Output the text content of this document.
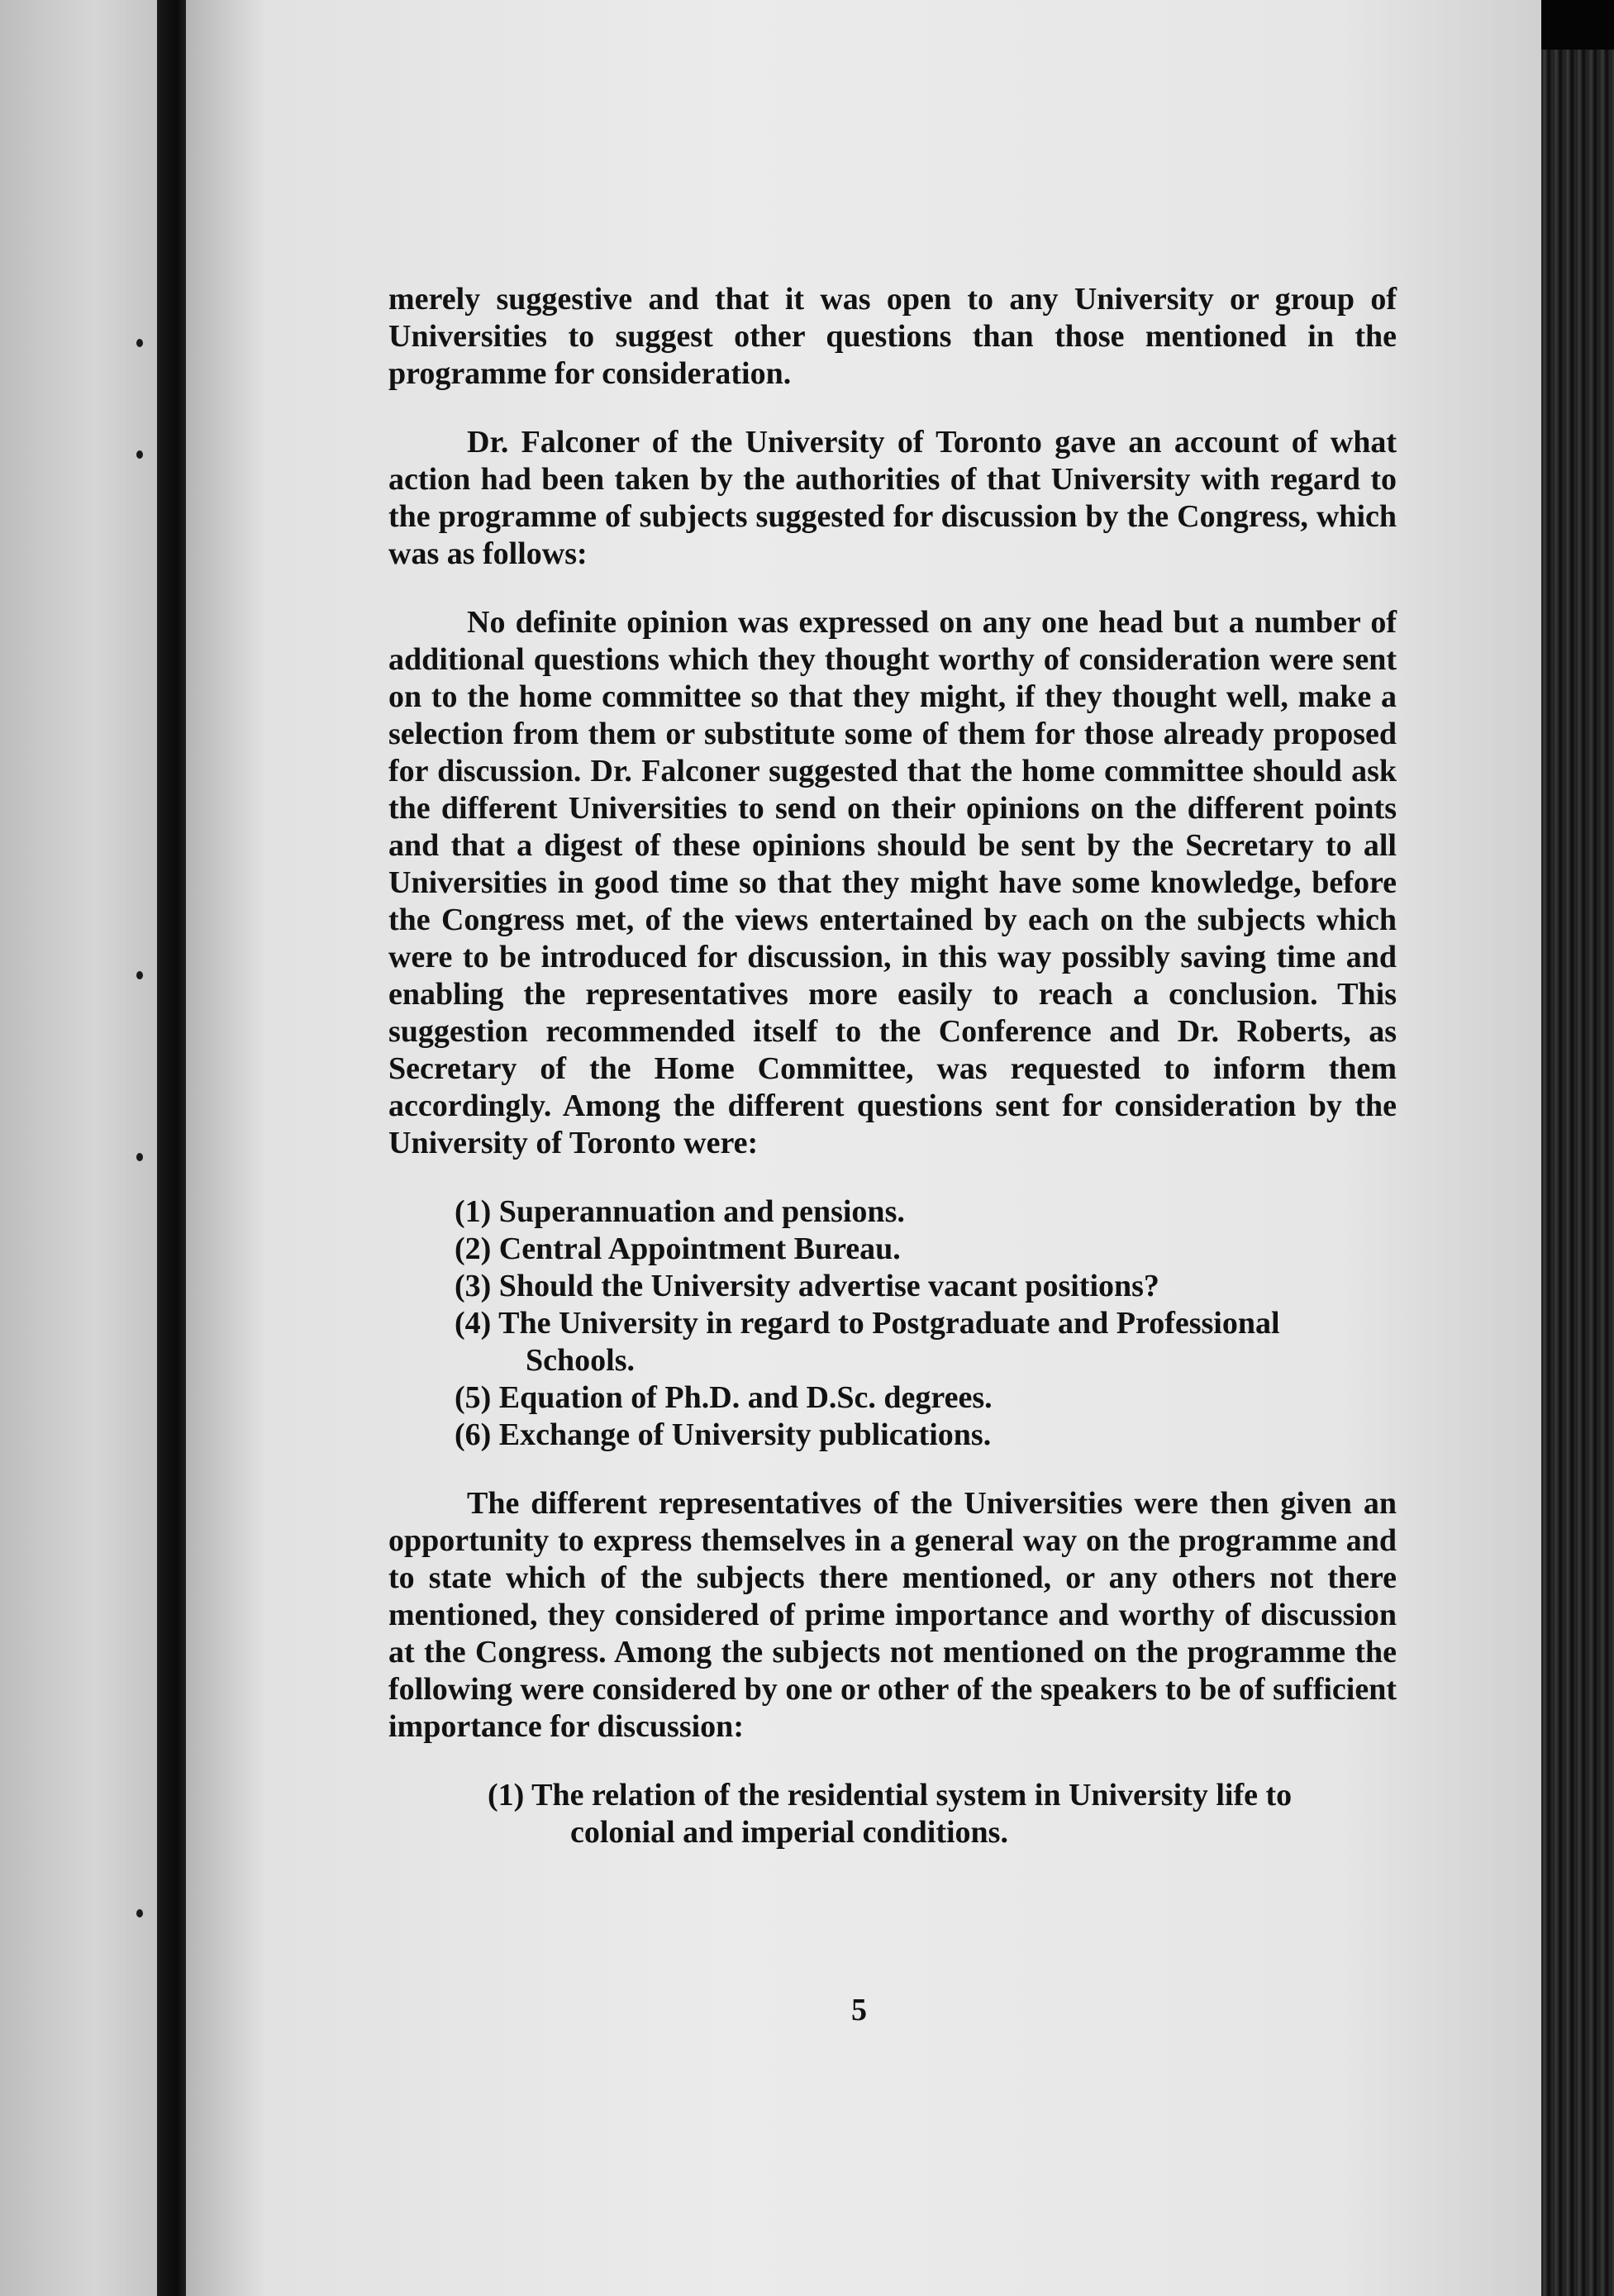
merely suggestive and that it was open to any University or group of Universities to suggest other questions than those mentioned in the programme for consideration.

Dr. Falconer of the University of Toronto gave an account of what action had been taken by the authorities of that University with regard to the programme of subjects suggested for discussion by the Congress, which was as follows:

No definite opinion was expressed on any one head but a number of additional questions which they thought worthy of consideration were sent on to the home committee so that they might, if they thought well, make a selection from them or substitute some of them for those already proposed for discussion. Dr. Falconer suggested that the home committee should ask the different Universities to send on their opinions on the different points and that a digest of these opinions should be sent by the Secretary to all Universities in good time so that they might have some knowledge, before the Congress met, of the views entertained by each on the subjects which were to be introduced for discussion, in this way possibly saving time and enabling the representatives more easily to reach a conclusion. This suggestion recommended itself to the Conference and Dr. Roberts, as Secretary of the Home Committee, was requested to inform them accordingly. Among the different questions sent for consideration by the University of Toronto were:

(1) Superannuation and pensions.
(2) Central Appointment Bureau.
(3) Should the University advertise vacant positions?
(4) The University in regard to Postgraduate and Professional Schools.
(5) Equation of Ph.D. and D.Sc. degrees.
(6) Exchange of University publications.

The different representatives of the Universities were then given an opportunity to express themselves in a general way on the programme and to state which of the subjects there mentioned, or any others not there mentioned, they considered of prime importance and worthy of discussion at the Congress. Among the subjects not mentioned on the programme the following were considered by one or other of the speakers to be of sufficient importance for discussion:

(1) The relation of the residential system in University life to colonial and imperial conditions.
5
